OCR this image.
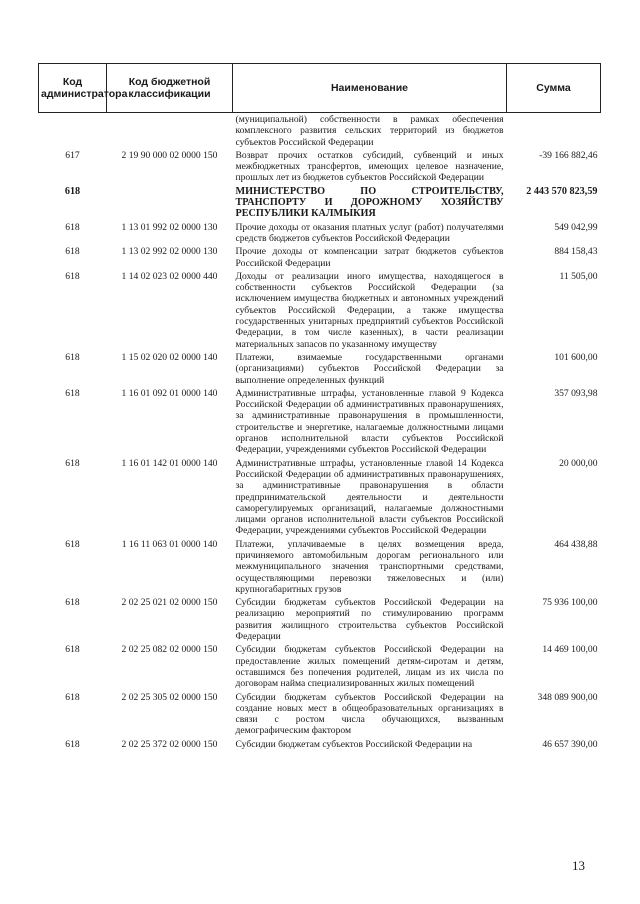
Код администратора	Код бюджетной классификации	Наименование	Сумма
		(муниципальной) собственности в рамках обеспечения комплексного развития сельских территорий из бюджетов субъектов Российской Федерации	
617	2 19 90 000 02 0000 150	Возврат прочих остатков субсидий, субвенций и иных межбюджетных трансфертов, имеющих целевое назначение, прошлых лет из бюджетов субъектов Российской Федерации	-39 166 882,46
618		МИНИСТЕРСТВО ПО СТРОИТЕЛЬСТВУ, ТРАНСПОРТУ И ДОРОЖНОМУ ХОЗЯЙСТВУ РЕСПУБЛИКИ КАЛМЫКИЯ	2 443 570 823,59
618	1 13 01 992 02 0000 130	Прочие доходы от оказания платных услуг (работ) получателями средств бюджетов субъектов Российской Федерации	549 042,99
618	1 13 02 992 02 0000 130	Прочие доходы от компенсации затрат бюджетов субъектов Российской Федерации	884 158,43
618	1 14 02 023 02 0000 440	Доходы от реализации иного имущества, находящегося в собственности субъектов Российской Федерации (за исключением имущества бюджетных и автономных учреждений субъектов Российской Федерации, а также имущества государственных унитарных предприятий субъектов Российской Федерации, в том числе казенных), в части реализации материальных запасов по указанному имуществу	11 505,00
618	1 15 02 020 02 0000 140	Платежи, взимаемые государственными органами (организациями) субъектов Российской Федерации за выполнение определенных функций	101 600,00
618	1 16 01 092 01 0000 140	Административные штрафы, установленные главой 9 Кодекса Российской Федерации об административных правонарушениях, за административные правонарушения в промышленности, строительстве и энергетике, налагаемые должностными лицами органов исполнительной власти субъектов Российской Федерации, учреждениями субъектов Российской Федерации	357 093,98
618	1 16 01 142 01 0000 140	Административные штрафы, установленные главой 14 Кодекса Российской Федерации об административных правонарушениях, за административные правонарушения в области предпринимательской деятельности и деятельности саморегулируемых организаций, налагаемые должностными лицами органов исполнительной власти субъектов Российской Федерации, учреждениями субъектов Российской Федерации	20 000,00
618	1 16 11 063 01 0000 140	Платежи, уплачиваемые в целях возмещения вреда, причиняемого автомобильным дорогам регионального или межмуниципального значения транспортными средствами, осуществляющими перевозки тяжеловесных и (или) крупногабаритных грузов	464 438,88
618	2 02 25 021 02 0000 150	Субсидии бюджетам субъектов Российской Федерации на реализацию мероприятий по стимулированию программ развития жилищного строительства субъектов Российской Федерации	75 936 100,00
618	2 02 25 082 02 0000 150	Субсидии бюджетам субъектов Российской Федерации на предоставление жилых помещений детям-сиротам и детям, оставшимся без попечения родителей, лицам из их числа по договорам найма специализированных жилых помещений	14 469 100,00
618	2 02 25 305 02 0000 150	Субсидии бюджетам субъектов Российской Федерации на создание новых мест в общеобразовательных организациях в связи с ростом числа обучающихся, вызванным демографическим фактором	348 089 900,00
618	2 02 25 372 02 0000 150	Субсидии бюджетам субъектов Российской Федерации на	46 657 390,00
13
